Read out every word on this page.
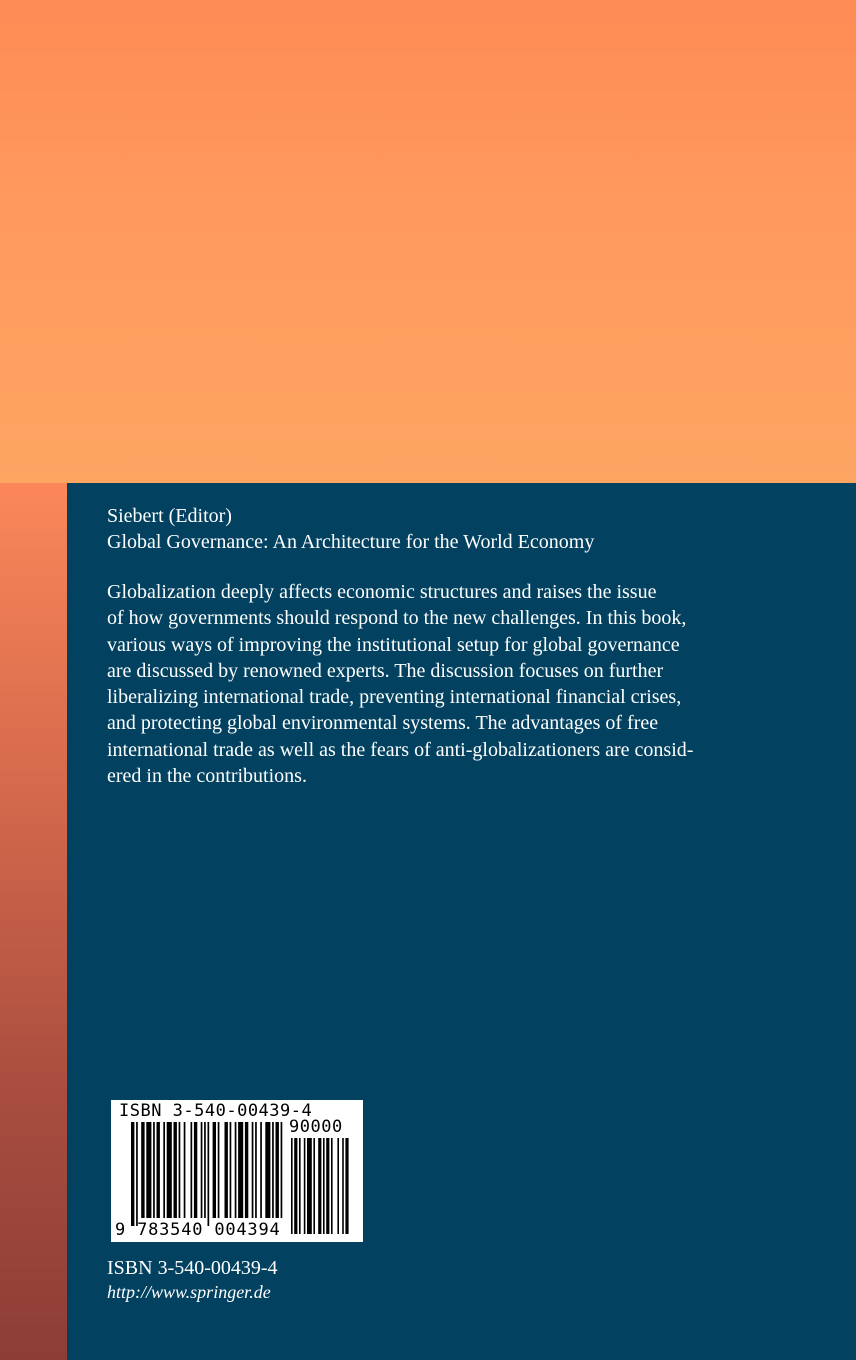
Siebert (Editor)
Global Governance: An Architecture for the World Economy
Globalization deeply affects economic structures and raises the issue
of how governments should respond to the new challenges. In this book,
various ways of improving the institutional setup for global governance
are discussed by renowned experts. The discussion focuses on further
liberalizing international trade, preventing international financial crises,
and protecting global environmental systems. The advantages of free
international trade as well as the fears of anti-globalizationers are consid-
ered in the contributions.
ISBN 3-540-00439-4
90000
9 783540 004394
ISBN 3-540-00439-4
http://www.springer.de
